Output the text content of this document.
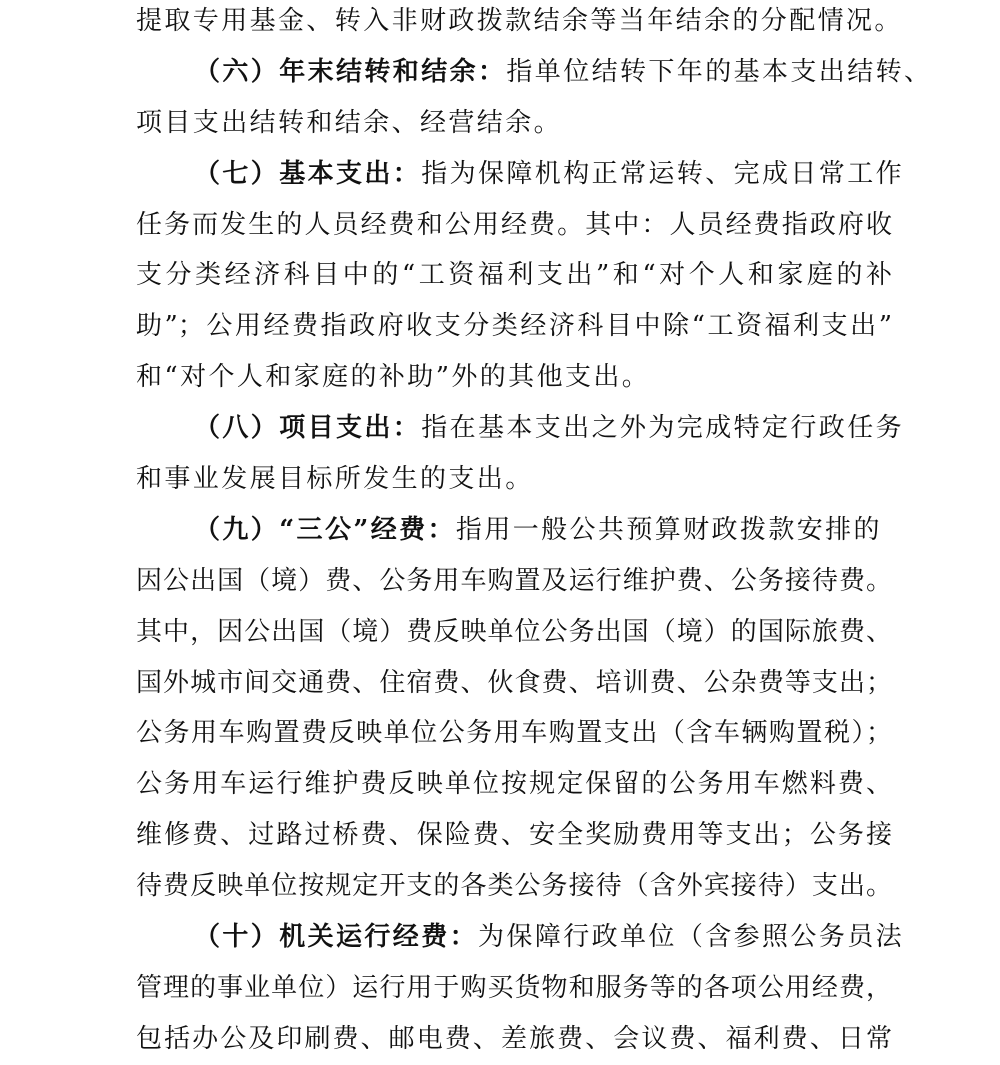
提取专用基金、转入非财政拨款结余等当年结余的分配情况。
（六）年末结转和结余：指单位结转下年的基本支出结转、
项目支出结转和结余、经营结余。
（七）基本支出：指为保障机构正常运转、完成日常工作
任务而发生的人员经费和公用经费。其中：人员经费指政府收
支分类经济科目中的“工资福利支出”和“对个人和家庭的补
助”；公用经费指政府收支分类经济科目中除“工资福利支出”
和“对个人和家庭的补助”外的其他支出。
（八）项目支出：指在基本支出之外为完成特定行政任务
和事业发展目标所发生的支出。
（九）“三公”经费：指用一般公共预算财政拨款安排的
因公出国（境）费、公务用车购置及运行维护费、公务接待费。
其中，因公出国（境）费反映单位公务出国（境）的国际旅费、
国外城市间交通费、住宿费、伙食费、培训费、公杂费等支出；
公务用车购置费反映单位公务用车购置支出（含车辆购置税）；
公务用车运行维护费反映单位按规定保留的公务用车燃料费、
维修费、过路过桥费、保险费、安全奖励费用等支出；公务接
待费反映单位按规定开支的各类公务接待（含外宾接待）支出。
（十）机关运行经费：为保障行政单位（含参照公务员法
管理的事业单位）运行用于购买货物和服务等的各项公用经费，
包括办公及印刷费、邮电费、差旅费、会议费、福利费、日常
